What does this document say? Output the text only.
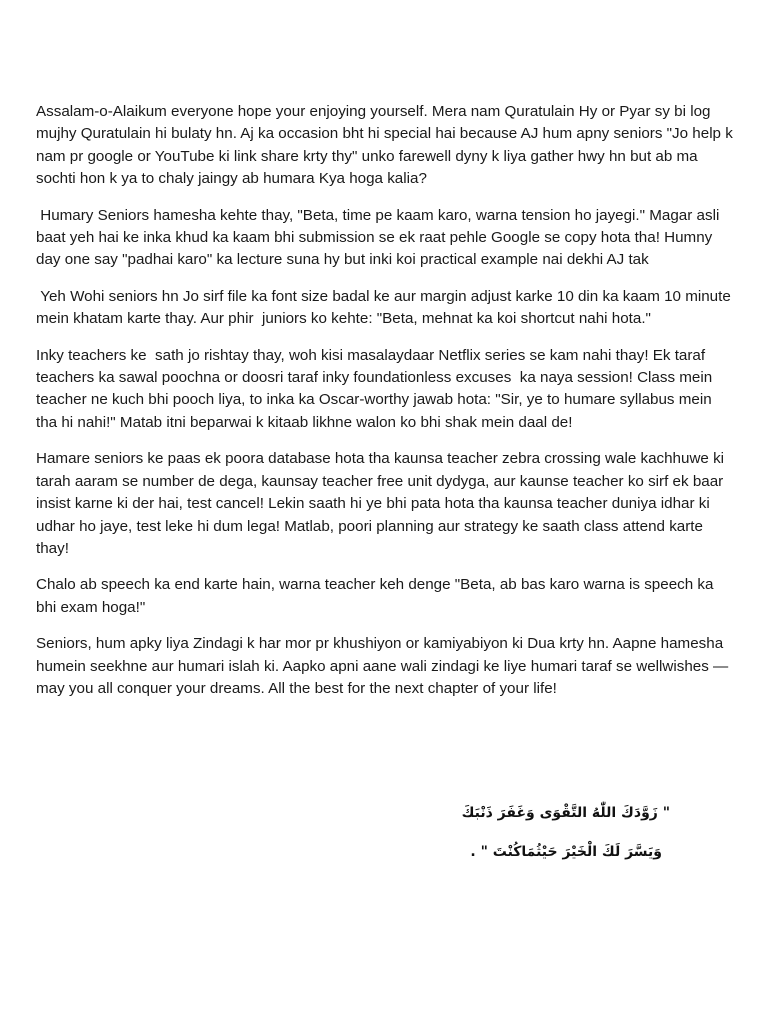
Assalam-o-Alaikum everyone hope your enjoying yourself. Mera nam Quratulain Hy or Pyar sy bi log mujhy Quratulain hi bulaty hn. Aj ka occasion bht hi special hai because AJ hum apny seniors "Jo help k nam pr google or YouTube ki link share krty thy" unko farewell dyny k liya gather hwy hn but ab ma sochti hon k ya to chaly jaingy ab humara Kya hoga kalia?

Humary Seniors hamesha kehte thay, "Beta, time pe kaam karo, warna tension ho jayegi." Magar asli baat yeh hai ke inka khud ka kaam bhi submission se ek raat pehle Google se copy hota tha! Humny day one say "padhai karo" ka lecture suna hy but inki koi practical example nai dekhi AJ tak

Yeh Wohi seniors hn Jo sirf file ka font size badal ke aur margin adjust karke 10 din ka kaam 10 minute mein khatam karte thay. Aur phir  juniors ko kehte: "Beta, mehnat ka koi shortcut nahi hota."

Inky teachers ke  sath jo rishtay thay, woh kisi masalaydaar Netflix series se kam nahi thay! Ek taraf teachers ka sawal poochna or doosri taraf inky foundationless excuses  ka naya session! Class mein teacher ne kuch bhi pooch liya, to inka ka Oscar-worthy jawab hota: "Sir, ye to humare syllabus mein tha hi nahi!" Matab itni beparwai k kitaab likhne walon ko bhi shak mein daal de!

Hamare seniors ke paas ek poora database hota tha kaunsa teacher zebra crossing wale kachhuwe ki tarah aaram se number de dega, kaunsay teacher free unit dydyga, aur kaunse teacher ko sirf ek baar insist karne ki der hai, test cancel! Lekin saath hi ye bhi pata hota tha kaunsa teacher duniya idhar ki udhar ho jaye, test leke hi dum lega! Matlab, poori planning aur strategy ke saath class attend karte thay!

Chalo ab speech ka end karte hain, warna teacher keh denge "Beta, ab bas karo warna is speech ka bhi exam hoga!"

Seniors, hum apky liya Zindagi k har mor pr khushiyon or kamiyabiyon ki Dua krty hn. Aapne hamesha humein seekhne aur humari islah ki. Aapko apni aane wali zindagi ke liye humari taraf se wellwishes —may you all conquer your dreams. All the best for the next chapter of your life!

" زَوَّدَكَ اللّٰهُ التَّقْوَى وَغَفَرَ ذَنْبَكَ
وَيَسَّرَ لَكَ الْخَيْرَ حَيْثُمَاكُنْتَ " .
